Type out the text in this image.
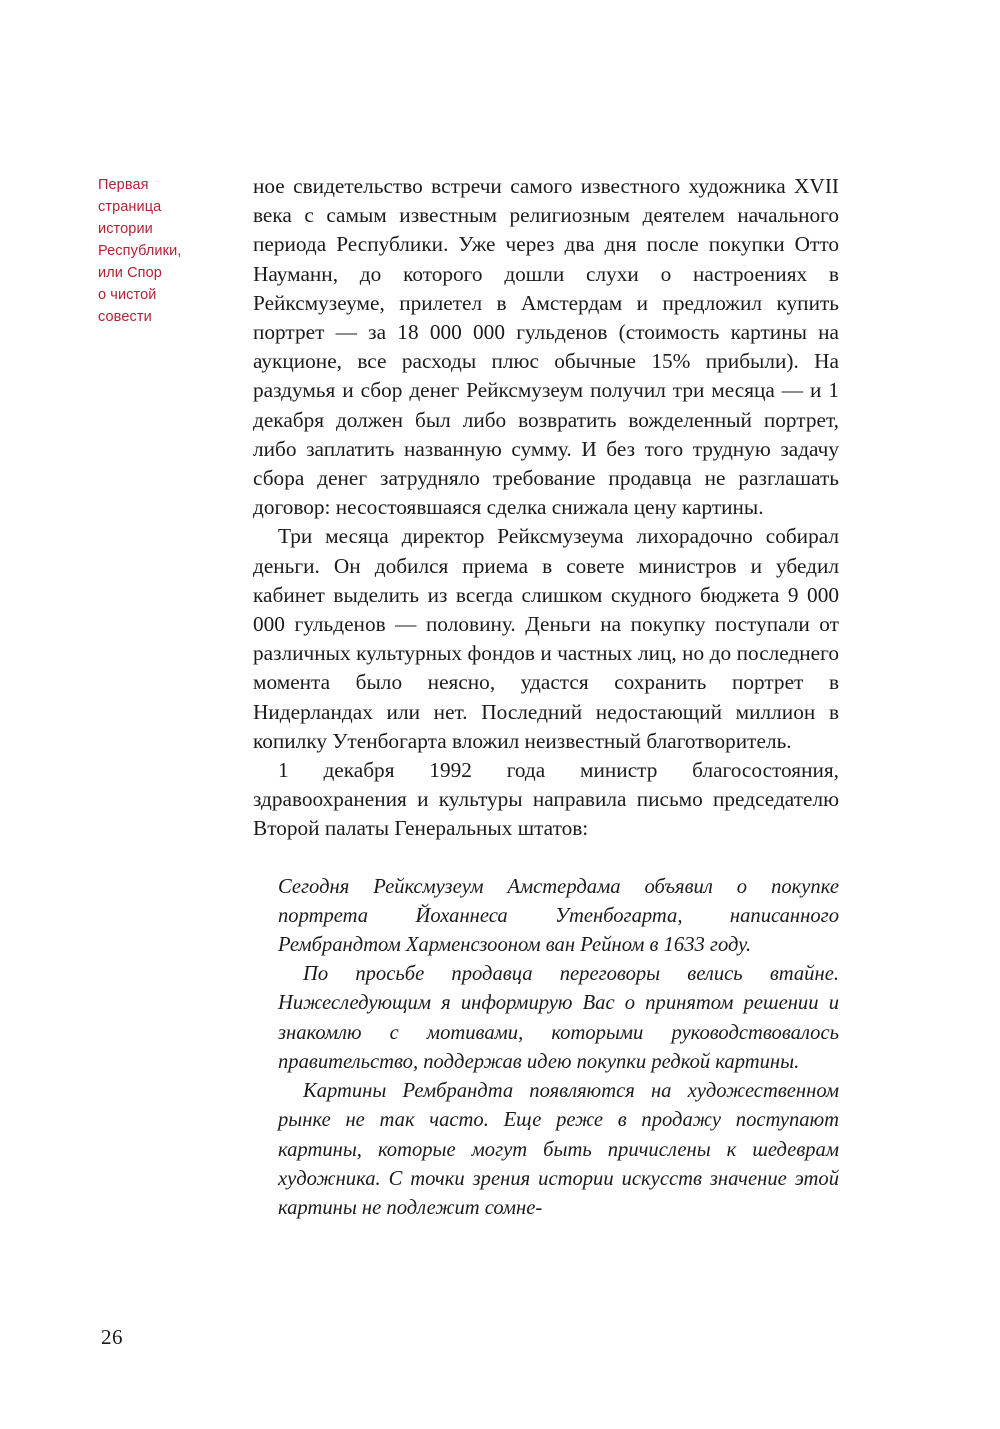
Первая
страница
истории
Республики,
или Спор
о чистой
совести

ное свидетельство встречи самого известного художника XVII века с самым известным религиозным деятелем начального периода Республики. Уже через два дня после покупки Отто Науманн, до которого дошли слухи о настроениях в Рейксмузеуме, прилетел в Амстердам и предложил купить портрет — за 18 000 000 гульденов (стоимость картины на аукционе, все расходы плюс обычные 15% прибыли). На раздумья и сбор денег Рейксмузеум получил три месяца — и 1 декабря должен был либо возвратить вожделенный портрет, либо заплатить названную сумму. И без того трудную задачу сбора денег затрудняло требование продавца не разглашать договор: несостоявшаяся сделка снижала цену картины.

Три месяца директор Рейксмузеума лихорадочно собирал деньги. Он добился приема в совете министров и убедил кабинет выделить из всегда слишком скудного бюджета 9 000 000 гульденов — половину. Деньги на покупку поступали от различных культурных фондов и частных лиц, но до последнего момента было неясно, удастся сохранить портрет в Нидерландах или нет. Последний недостающий миллион в копилку Утенбогарта вложил неизвестный благотворитель.

1 декабря 1992 года министр благосостояния, здравоохранения и культуры направила письмо председателю Второй палаты Генеральных штатов:

Сегодня Рейксмузеум Амстердама объявил о покупке портрета Йоханнеса Утенбогарта, написанного Рембрандтом Харменсзооном ван Рейном в 1633 году.

По просьбе продавца переговоры велись втайне. Нижеследующим я информирую Вас о принятом решении и знакомлю с мотивами, которыми руководствовалось правительство, поддержав идею покупки редкой картины.

Картины Рембрандта появляются на художественном рынке не так часто. Еще реже в продажу поступают картины, которые могут быть причислены к шедеврам художника. С точки зрения истории искусств значение этой картины не подлежит сомне-

26
